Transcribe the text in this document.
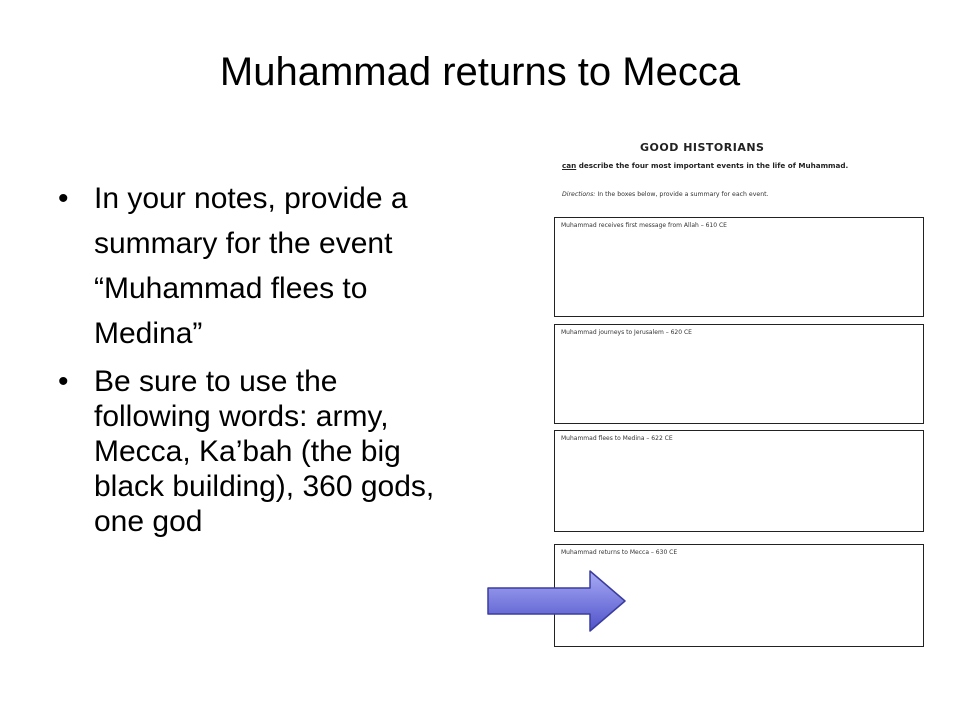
Muhammad returns to Mecca
• In your notes, provide a
summary for the event
“Muhammad flees to
Medina”
• Be sure to use the
following words: army,
Mecca, Ka’bah (the big
black building), 360 gods,
one god
GOOD HISTORIANS
can describe the four most important events in the life of Muhammad.
Directions: In the boxes below, provide a summary for each event.
Muhammad receives first message from Allah – 610 CE
Muhammad journeys to Jerusalem – 620 CE
Muhammad flees to Medina – 622 CE
Muhammad returns to Mecca – 630 CE
